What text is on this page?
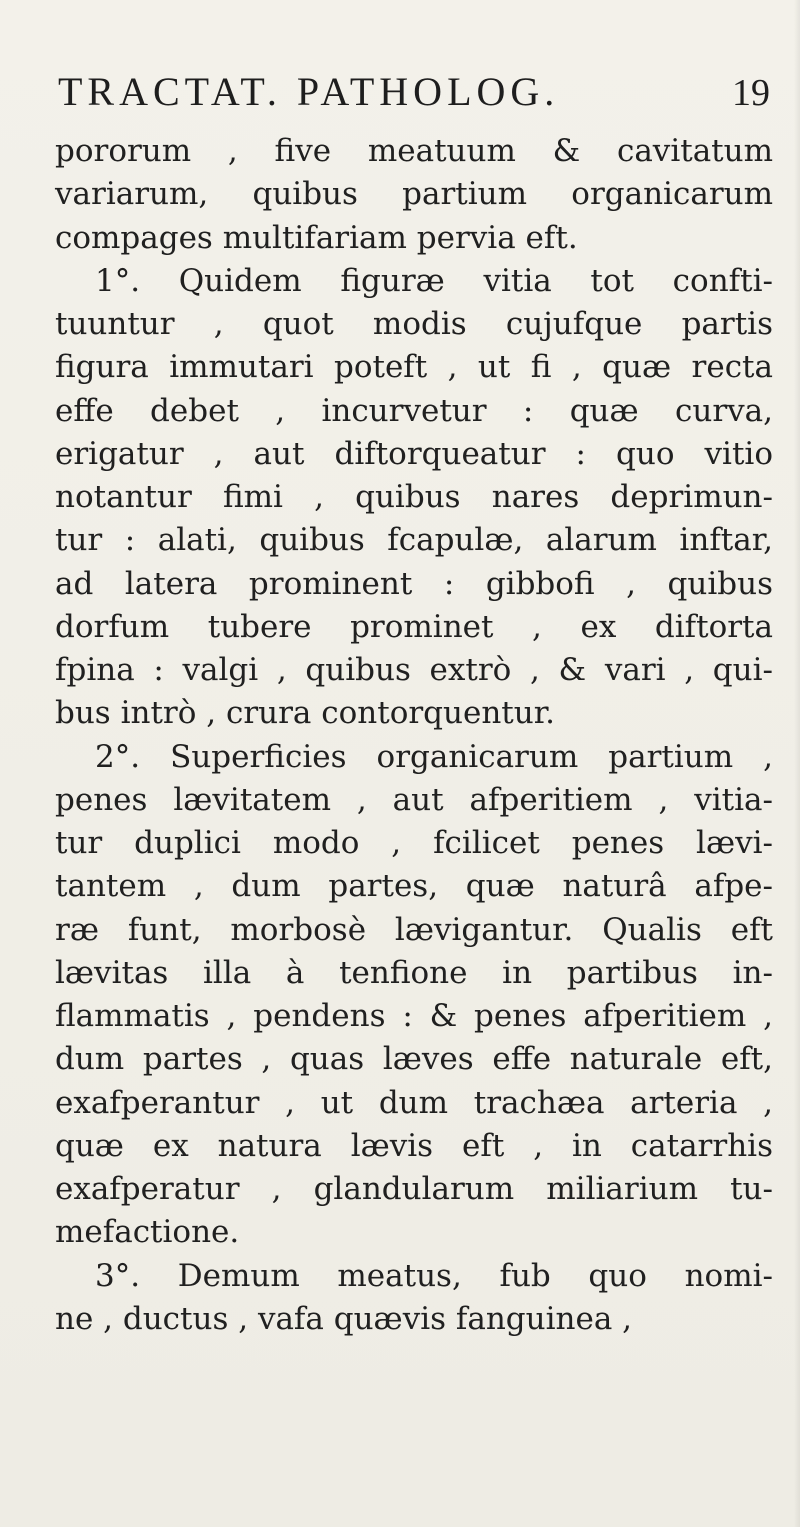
TRACTAT. PATHOLOG.	19
pororum , five meatuum & cavitatum
variarum, quibus partium organicarum
compages multifariam pervia eft.
1°. Quidem figuræ vitia tot confti-
tuuntur , quot modis cujufque partis
figura immutari poteft , ut fi , quæ recta
effe debet , incurvetur : quæ curva,
erigatur , aut diftorqueatur : quo vitio
notantur fimi , quibus nares deprimun-
tur : alati, quibus fcapulæ, alarum inftar,
ad latera prominent : gibbofi , quibus
dorfum tubere prominet , ex diftorta
fpina : valgi , quibus extrò , & vari , qui-
bus intrò , crura contorquentur.
2°. Superficies organicarum partium ,
penes lævitatem , aut afperitiem , vitia-
tur duplici modo , fcilicet penes lævi-
tantem , dum partes, quæ naturâ afpe-
ræ funt, morbosè lævigantur. Qualis eft
lævitas illa à tenfione in partibus in-
flammatis , pendens : & penes afperitiem ,
dum partes , quas læves effe naturale eft,
exafperantur , ut dum trachæa arteria ,
quæ ex natura lævis eft , in catarrhis
exafperatur , glandularum miliarium tu-
mefactione.
3°. Demum meatus, fub quo nomi-
ne , ductus , vafa quævis fanguinea ,
